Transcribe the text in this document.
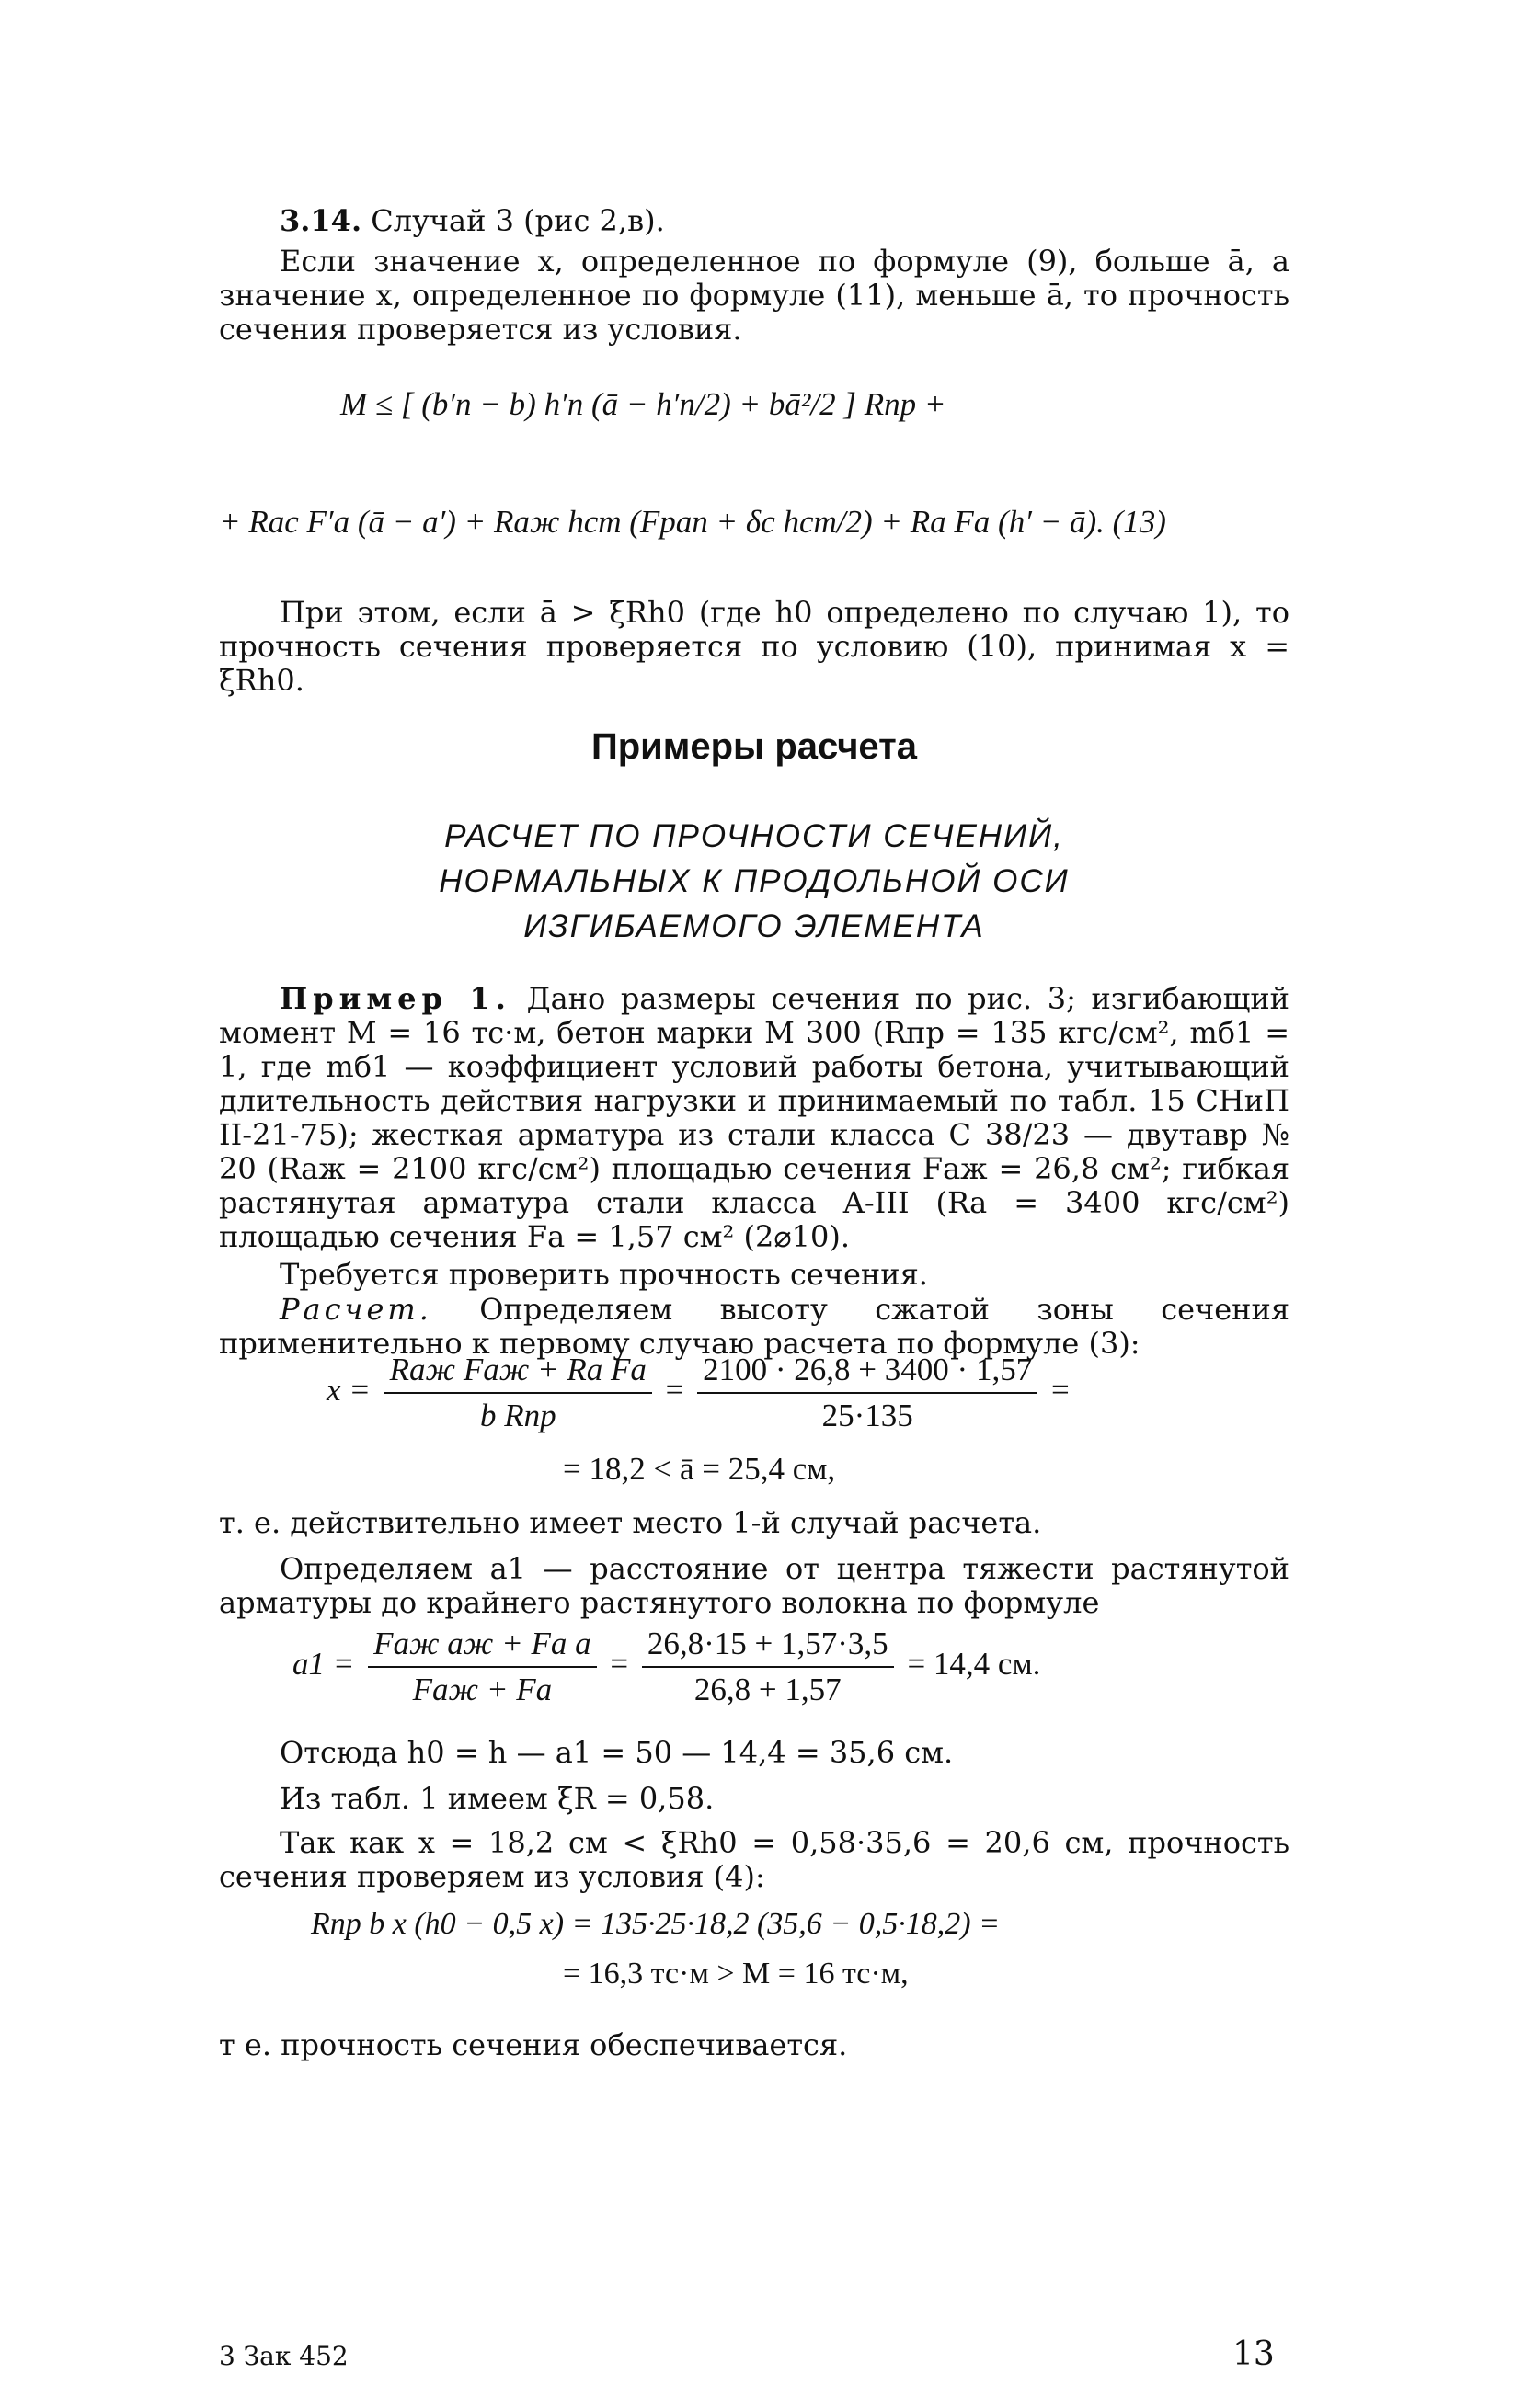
3.14. Случай 3 (рис 2,в).
Если значение x, определенное по формуле (9), больше ā, а значение x, определенное по формуле (11), меньше ā, то прочность сечения проверяется из условия.
M ≤ [ (b′п − b) h′п (ā − h′п/2) + bā²/2 ] Rпр +
+ Rас F′а (ā − a′) + Rаж hст (Fрап + δс hст/2) + Rа Fа (h′ − ā). (13)
При этом, если ā > ξRh0 (где h0 определено по случаю 1), то прочность сечения проверяется по условию (10), принимая x = ξRh0.
Примеры расчета
РАСЧЕТ ПО ПРОЧНОСТИ СЕЧЕНИЙ,
НОРМАЛЬНЫХ К ПРОДОЛЬНОЙ ОСИ
ИЗГИБАЕМОГО ЭЛЕМЕНТА
Пример 1. Дано размеры сечения по рис. 3; изгибающий момент M = 16 тс·м, бетон марки M 300 (Rпр = 135 кгс/см², mб1 = 1, где mб1 — коэффициент условий работы бетона, учитывающий длительность действия нагрузки и принимаемый по табл. 15 СНиП II-21-75); жесткая арматура из стали класса С 38/23 — двутавр № 20 (Rаж = 2100 кгс/см²) площадью сечения Fаж = 26,8 см²; гибкая растянутая арматура стали класса A-III (Rа = 3400 кгс/см²) площадью сечения Fа = 1,57 см² (2⌀10).
Требуется проверить прочность сечения.
Расчет. Определяем высоту сжатой зоны сечения применительно к первому случаю расчета по формуле (3):
$x = \frac{\text{Rаж Fаж + Rа Fа}}{\text{b Rпр}} = \frac{2100 \cdot 26,8 + 3400 \cdot 1,57}{25\cdot 135}$ =
= 18,2 < ā = 25,4 см,
т. е. действительно имеет место 1-й случай расчета.
Определяем a1 — расстояние от центра тяжести растянутой арматуры до крайнего растянутого волокна по формуле
$a1 = \frac{\text{Fаж aж + Fа a}}{\text{Fаж + Fа}} = \frac{26,8\cdot 15 + 1,57\cdot 3,5}{26,8 + 1,57} = 14,4$ см.
Отсюда h0 = h — a1 = 50 — 14,4 = 35,6 см.
Из табл. 1 имеем ξR = 0,58.
Так как x = 18,2 см < ξRh0 = 0,58·35,6 = 20,6 см, прочность сечения проверяем из условия (4):
Rпр b x (h0 − 0,5 x) = 135·25·18,2 (35,6 − 0,5·18,2) =
= 16,3 тс·м > M = 16 тс·м,
т е. прочность сечения обеспечивается.
3 Зак 452	13
